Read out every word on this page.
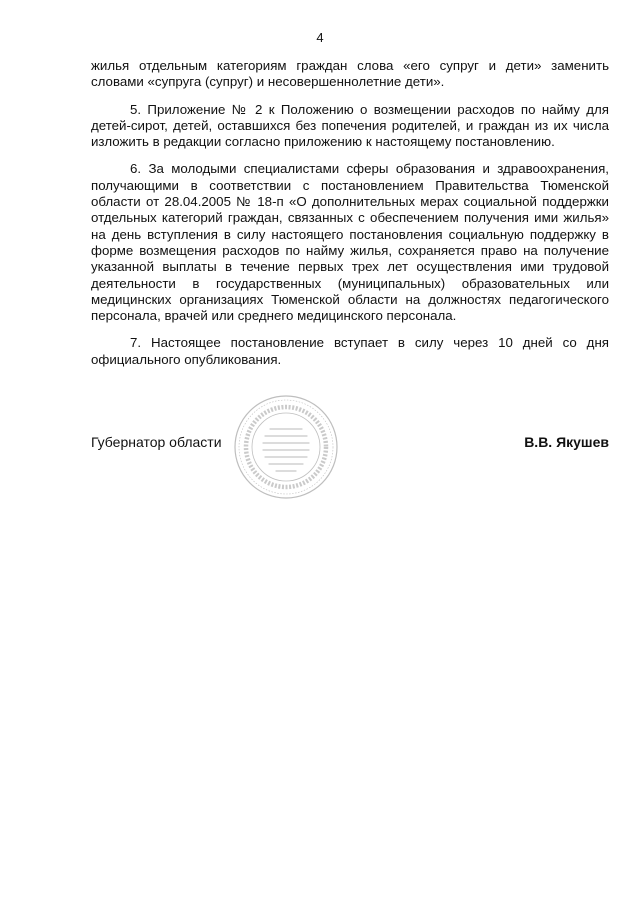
4

жилья отдельным категориям граждан слова «его супруг и дети» заменить словами «супруга (супруг) и несовершеннолетние дети».

5. Приложение № 2 к Положению о возмещении расходов по найму для детей-сирот, детей, оставшихся без попечения родителей, и граждан из их числа изложить в редакции согласно приложению к настоящему постановлению.

6. За молодыми специалистами сферы образования и здравоохранения, получающими в соответствии с постановлением Правительства Тюменской области от 28.04.2005 № 18-п «О дополнительных мерах социальной поддержки отдельных категорий граждан, связанных с обеспечением получения ими жилья» на день вступления в силу настоящего постановления социальную поддержку в форме возмещения расходов по найму жилья, сохраняется право на получение указанной выплаты в течение первых трех лет осуществления ими трудовой деятельности в государственных (муниципальных) образовательных или медицинских организациях Тюменской области на должностях педагогического персонала, врачей или среднего медицинского персонала.

7. Настоящее постановление вступает в силу через 10 дней со дня официального опубликования.

Губернатор области	В.В. Якушев
